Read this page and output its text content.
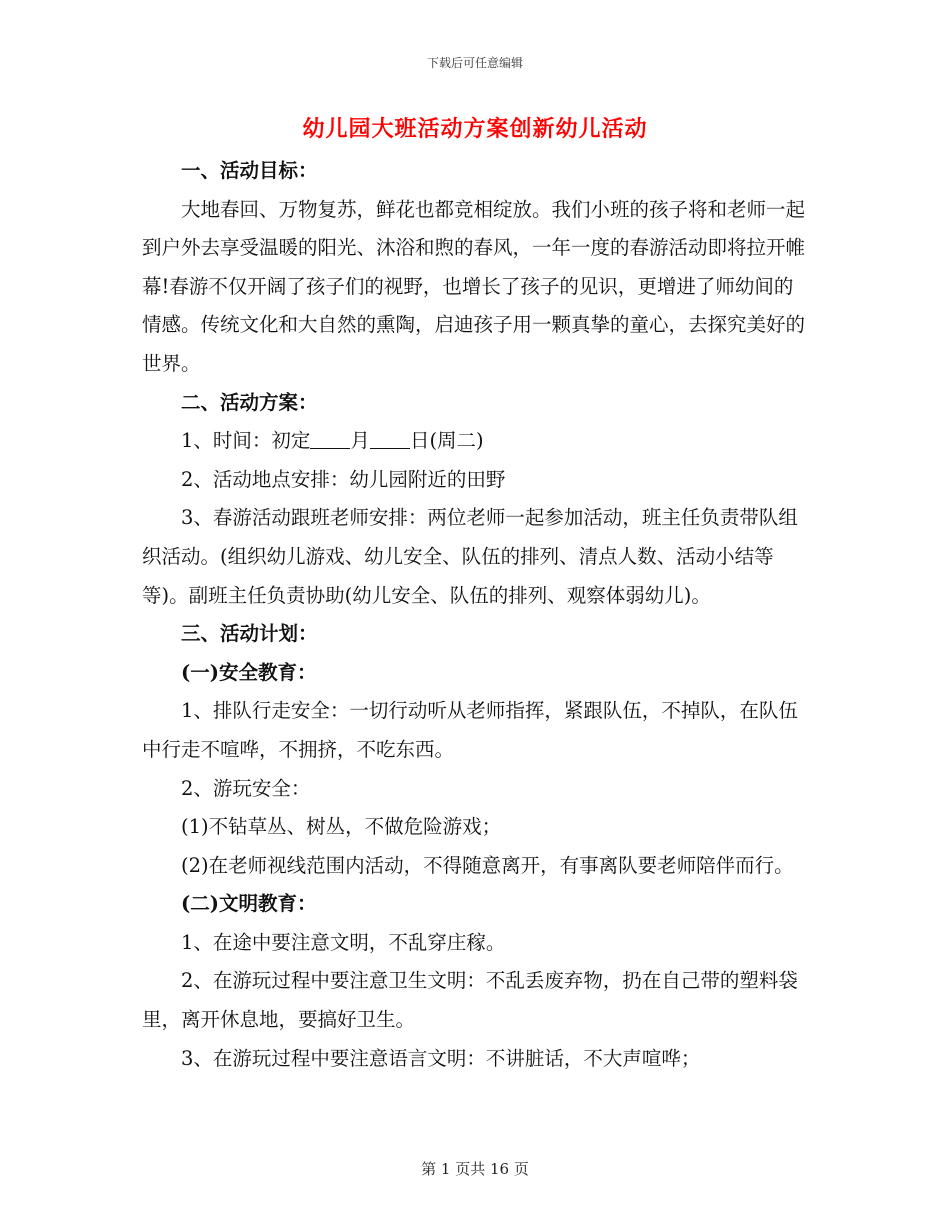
下载后可任意编辑
幼儿园大班活动方案创新幼儿活动

一、活动目标：

大地春回、万物复苏，鲜花也都竞相绽放。我们小班的孩子将和老师一起到户外去享受温暖的阳光、沐浴和煦的春风，一年一度的春游活动即将拉开帷幕!春游不仅开阔了孩子们的视野，也增长了孩子的见识，更增进了师幼间的情感。传统文化和大自然的熏陶，启迪孩子用一颗真挚的童心，去探究美好的世界。

二、活动方案：

1、时间：初定 月 日(周二)

2、活动地点安排：幼儿园附近的田野

3、春游活动跟班老师安排：两位老师一起参加活动，班主任负责带队组织活动。(组织幼儿游戏、幼儿安全、队伍的排列、清点人数、活动小结等等)。副班主任负责协助(幼儿安全、队伍的排列、观察体弱幼儿)。

三、活动计划：

(一)安全教育：

1、排队行走安全：一切行动听从老师指挥，紧跟队伍，不掉队，在队伍中行走不喧哗，不拥挤，不吃东西。

2、游玩安全：

(1)不钻草丛、树丛，不做危险游戏；

(2)在老师视线范围内活动，不得随意离开，有事离队要老师陪伴而行。

(二)文明教育：

1、在途中要注意文明，不乱穿庄稼。

2、在游玩过程中要注意卫生文明：不乱丢废弃物，扔在自己带的塑料袋里，离开休息地，要搞好卫生。

3、在游玩过程中要注意语言文明：不讲脏话，不大声喧哗；

第 1 页共 16 页
